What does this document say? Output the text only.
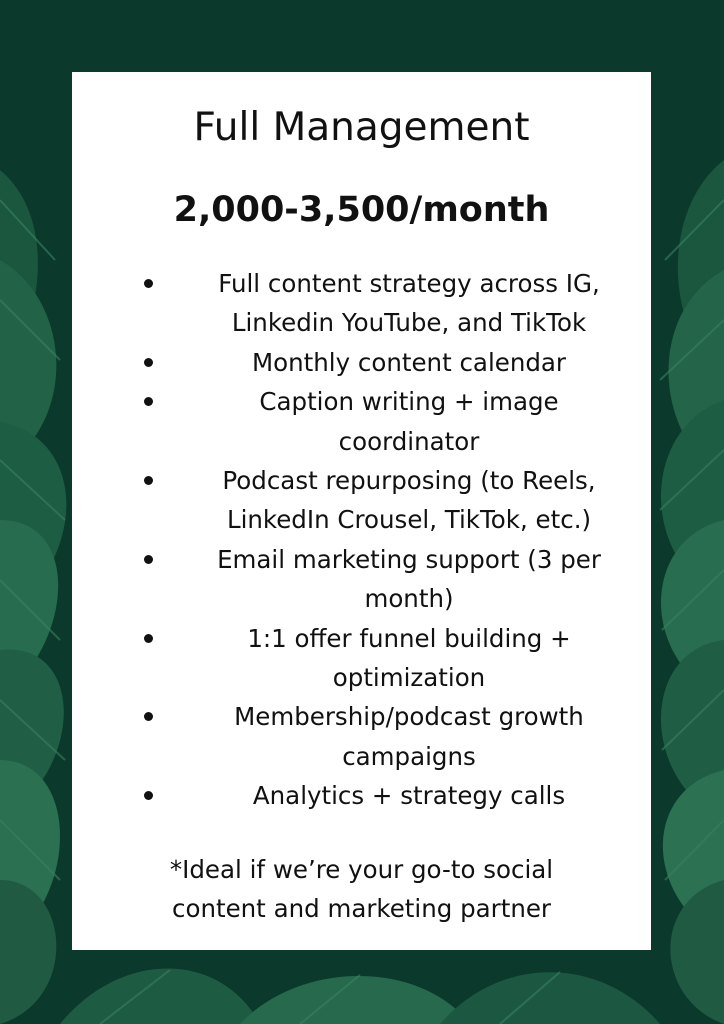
Full Management
2,000-3,500/month
Full content strategy across IG,
Linkedin YouTube, and TikTok
Monthly content calendar
Caption writing + image
coordinator
Podcast repurposing (to Reels,
LinkedIn Crousel, TikTok, etc.)
Email marketing support (3 per
month)
1:1 offer funnel building +
optimization
Membership/podcast growth
campaigns
Analytics + strategy calls
*Ideal if we’re your go-to social
content and marketing partner
